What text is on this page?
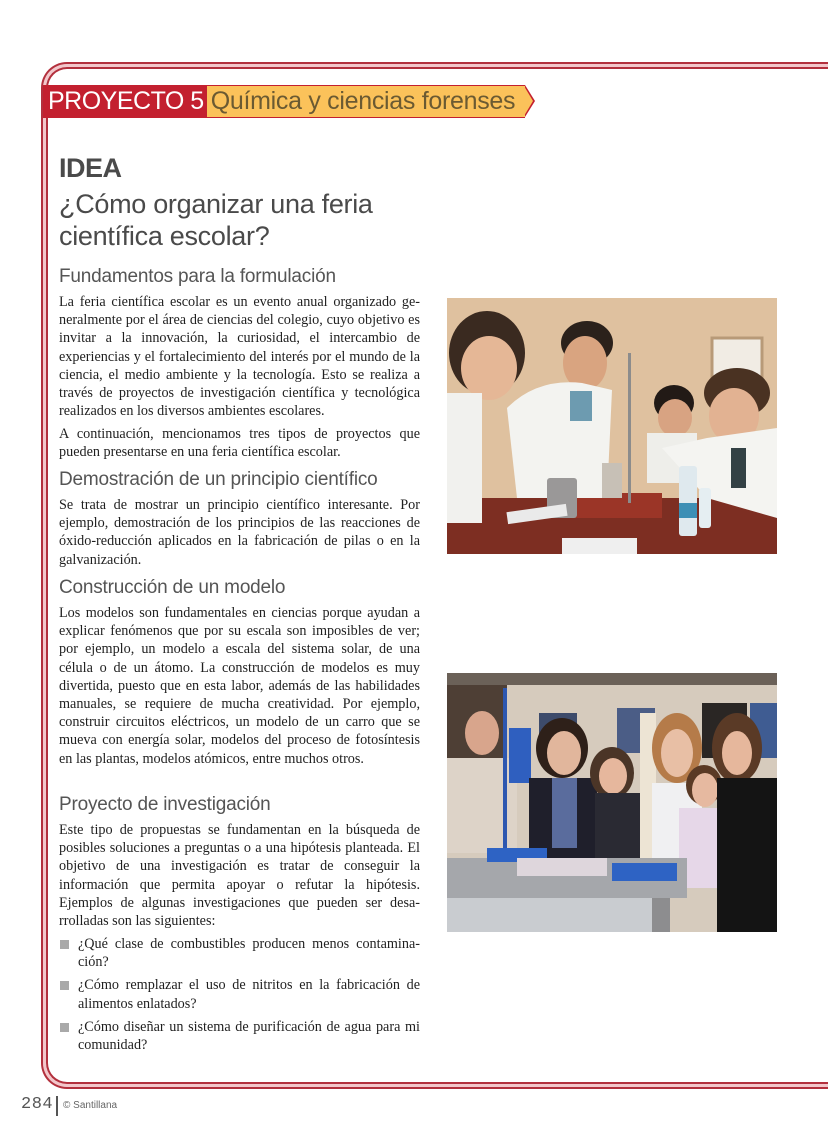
PROYECTO 5 Química y ciencias forenses
IDEA
¿Cómo organizar una feria
científica escolar?
Fundamentos para la formulación

La feria científica escolar es un evento anual organizado generalmente por el área de ciencias del colegio, cuyo objetivo es invitar a la innovación, la curiosidad, el intercambio de experiencias y el fortalecimiento del interés por el mundo de la ciencia, el medio ambiente y la tecnología. Esto se realiza a través de proyectos de investigación científica y tecnológica realizados en los diversos ambientes escolares.

A continuación, mencionamos tres tipos de proyectos que pueden presentarse en una feria científica escolar.

Demostración de un principio científico

Se trata de mostrar un principio científico interesante. Por ejemplo, demostración de los principios de las reacciones de óxido-reducción aplicados en la fabricación de pilas o en la galvanización.

Construcción de un modelo

Los modelos son fundamentales en ciencias porque ayudan a explicar fenómenos que por su escala son imposibles de ver; por ejemplo, un modelo a escala del sistema solar, de una célula o de un átomo. La construcción de modelos es muy divertida, puesto que en esta labor, además de las habilidades manuales, se requiere de mucha creatividad. Por ejemplo, construir circuitos eléctricos, un modelo de un carro que se mueva con energía solar, modelos del proceso de fotosíntesis en las plantas, modelos atómicos, entre muchos otros.

Proyecto de investigación

Este tipo de propuestas se fundamentan en la búsqueda de posibles soluciones a preguntas o a una hipótesis planteada. El objetivo de una investigación es tratar de conseguir la información que permita apoyar o refutar la hipótesis. Ejemplos de algunas investigaciones que pueden ser desarrolladas son las siguientes:

¿Qué clase de combustibles producen menos contaminación?
¿Cómo remplazar el uso de nitritos en la fabricación de alimentos enlatados?
¿Cómo diseñar un sistema de purificación de agua para mi comunidad?
284 © Santillana
